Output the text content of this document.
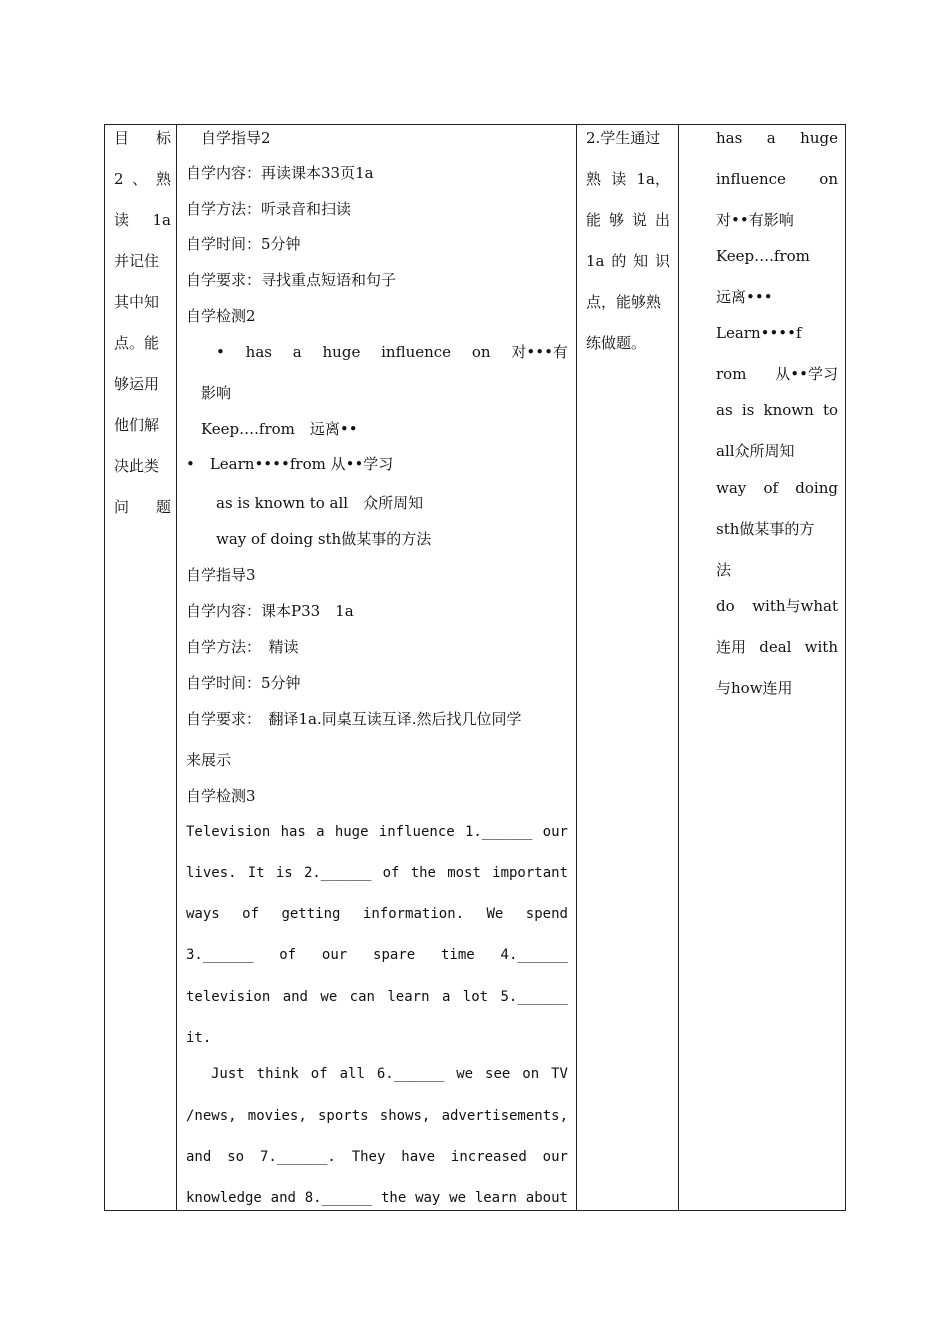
目 标
2 、 熟
读 1a
并记住
其中知
点。能
够运用
他们解
决此类
问 题
　自学指导2
自学内容：再读课本33页1a
自学方法：听录音和扫读
自学时间：5分钟
自学要求：寻找重点短语和句子
自学检测2
• has a huge influence on 对•••有
　影响
　Keep….from　远离••
•　Learn••••from 从••学习
　　as is known to all　众所周知
　　way of doing sth做某事的方法
自学指导3
自学内容：课本P33　1a
自学方法：　精读
自学时间：5分钟
自学要求：　翻译1a.同桌互读互译.然后找几位同学
来展示
自学检测3
Television has a huge influence 1.______ our
lives. It is 2.______ of the most important
ways of getting information. We spend
3.______ of our spare time 4.______
television and we can learn a lot 5.______
it.
Just think of all 6.______ we see on TV
/news, movies, sports shows, advertisements,
and so 7.______. They have increased our
knowledge and 8.______ the way we learn about
2.学生通过
熟 读 1a，
能 够 说 出
1a 的 知 识
点，能够熟
练做题。
has a huge
influence on
对••有影响
Keep….from
远离•••
Learn••••f
rom 从••学习
as is known to
all众所周知
way of doing
sth做某事的方
法
do with与what
连用 deal with
与how连用
